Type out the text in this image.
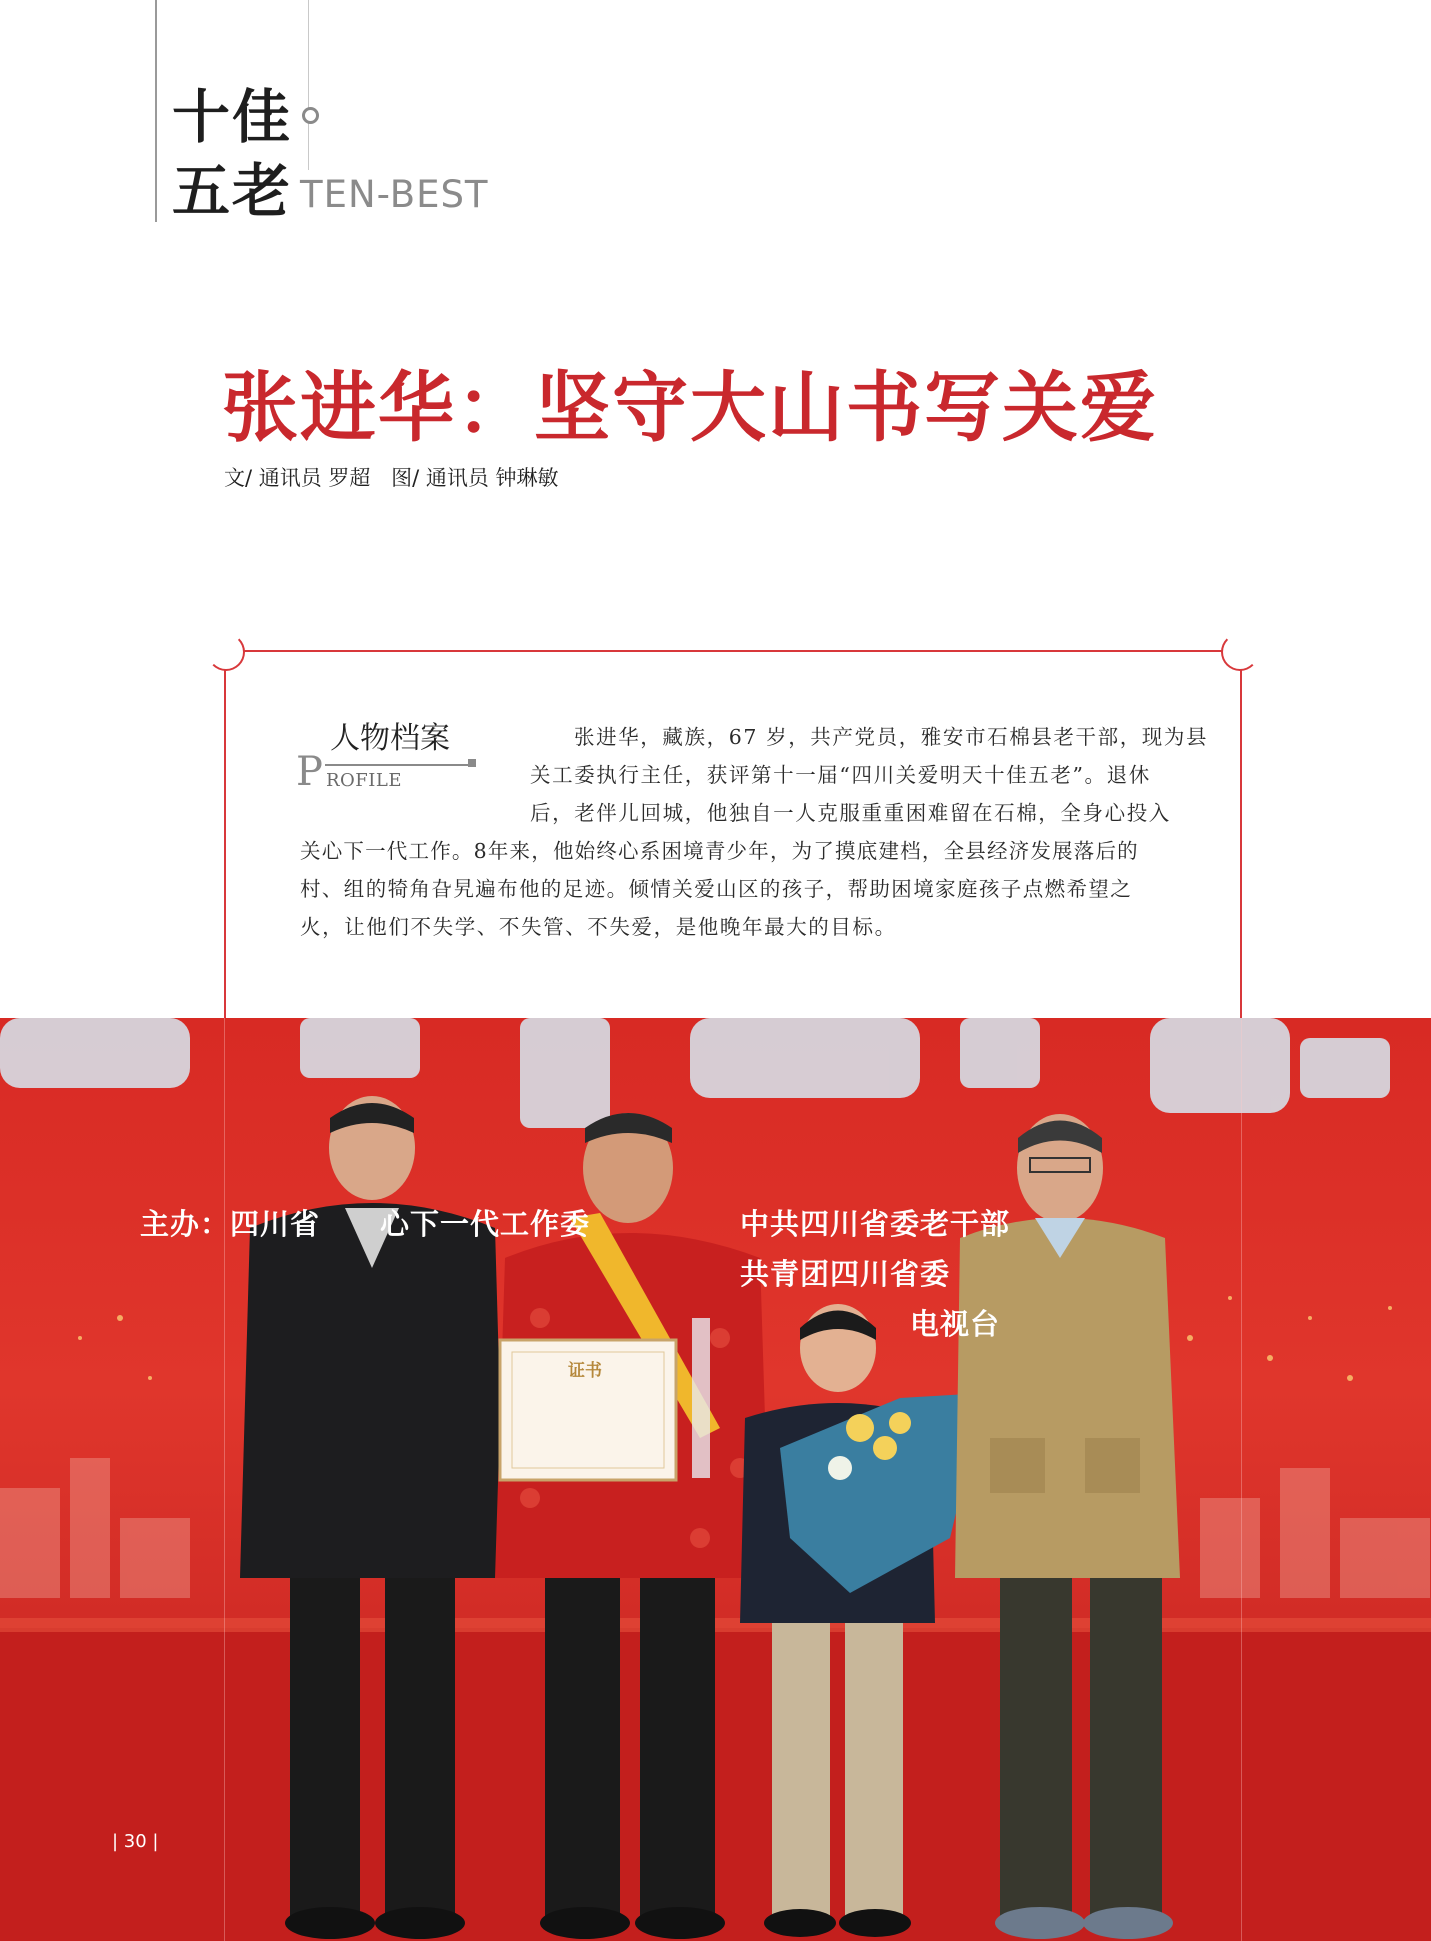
十佳
五老 TEN-BEST
张进华：坚守大山书写关爱
文/ 通讯员 罗超 图/ 通讯员 钟琳敏
人物档案
P ROFILE
张进华，藏族，67 岁，共产党员，雅安市石棉县老干部，现为县
关工委执行主任，获评第十一届“四川关爱明天十佳五老”。退休
后，老伴儿回城，他独自一人克服重重困难留在石棉，全身心投入
关心下一代工作。8年来，他始终心系困境青少年，为了摸底建档，全县经济发展落后的
村、组的犄角旮旯遍布他的足迹。倾情关爱山区的孩子，帮助困境家庭孩子点燃希望之
火，让他们不失学、不失管、不失爱，是他晚年最大的目标。
主办：四川省 心下一代工作委	中共四川省委老干部
共青团四川省委
电视台
证书
| 30 |
